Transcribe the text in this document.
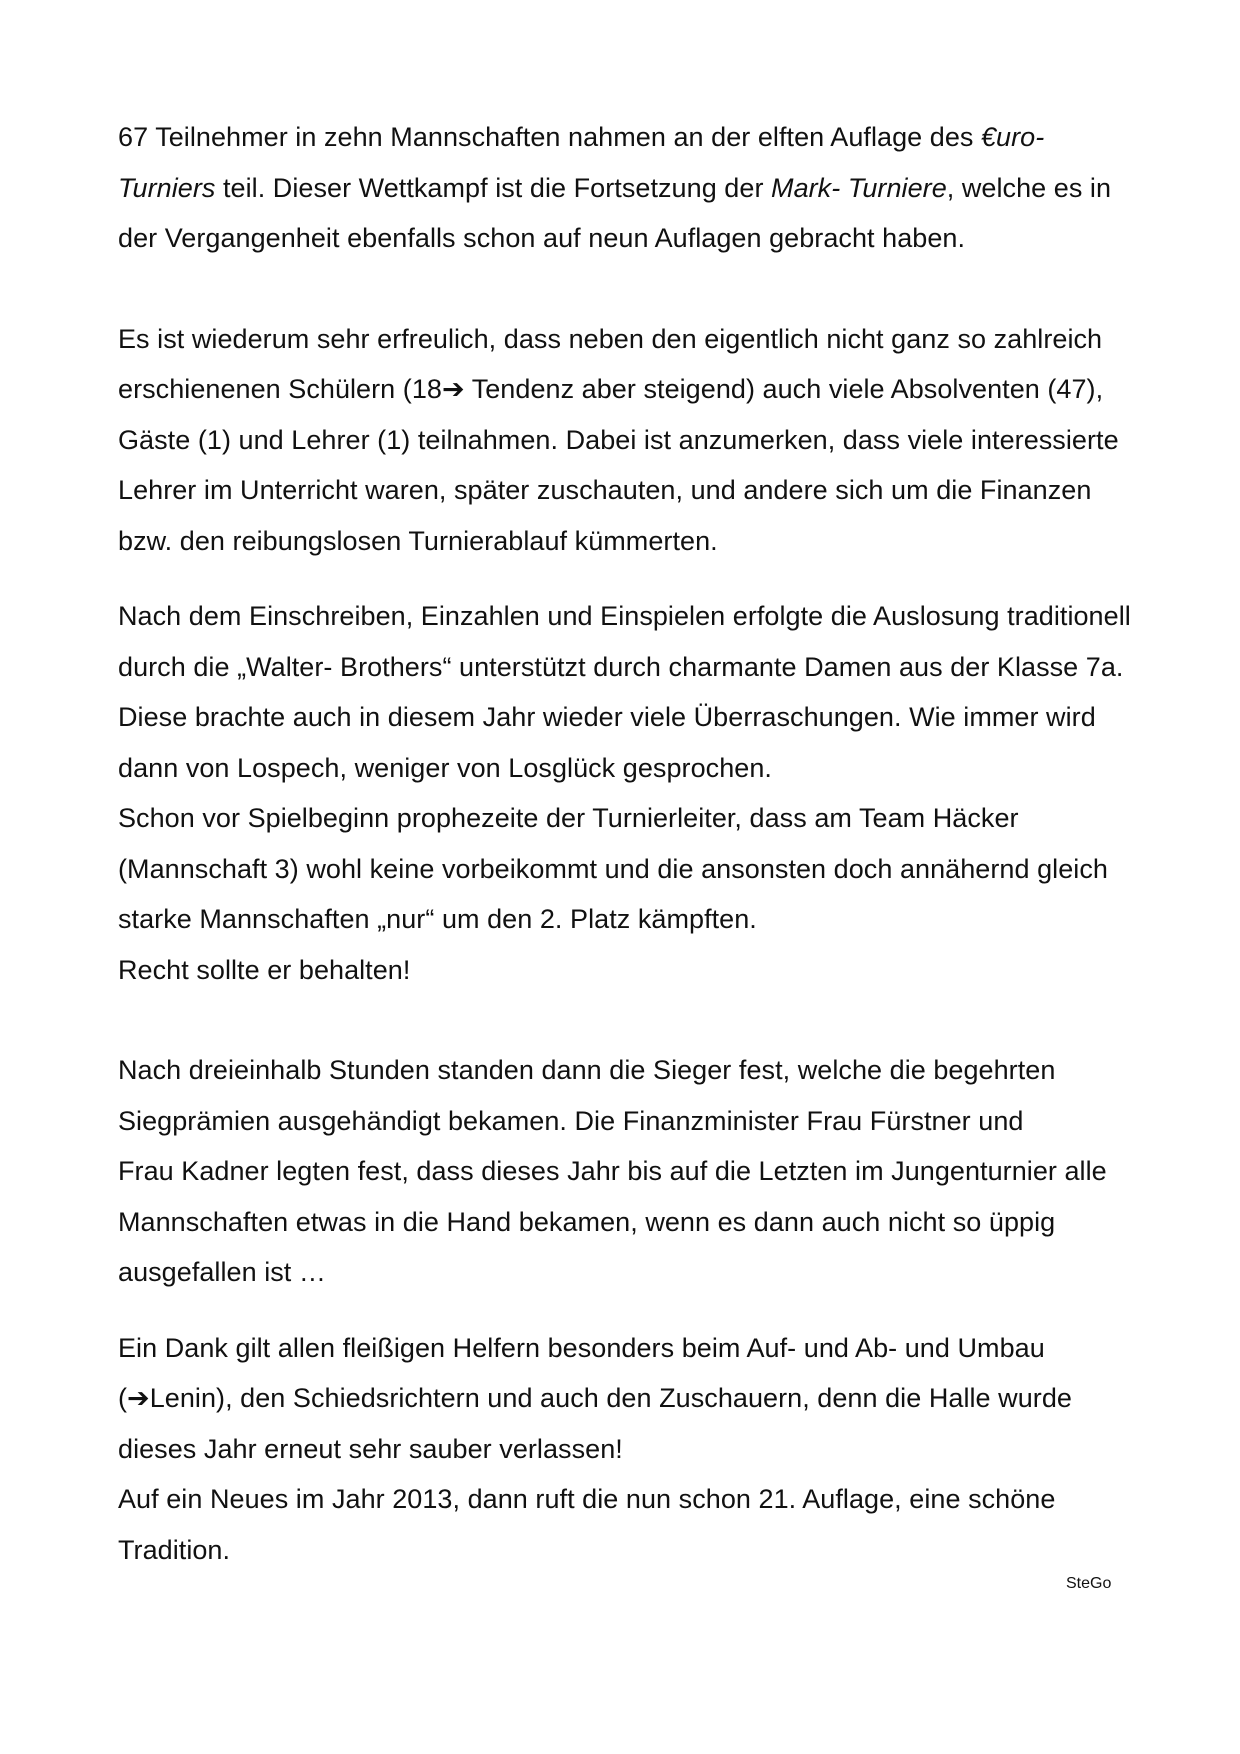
67 Teilnehmer in zehn Mannschaften nahmen an der elften Auflage des €uro-
Turniers teil. Dieser Wettkampf ist die Fortsetzung der Mark- Turniere, welche es in
der Vergangenheit ebenfalls schon auf neun Auflagen gebracht haben.
Es ist wiederum sehr erfreulich, dass neben den eigentlich nicht ganz so zahlreich
erschienenen Schülern (18➔ Tendenz aber steigend) auch viele Absolventen (47),
Gäste (1) und Lehrer (1) teilnahmen. Dabei ist anzumerken, dass viele interessierte
Lehrer im Unterricht waren, später zuschauten, und andere sich um die Finanzen
bzw. den reibungslosen Turnierablauf kümmerten.
Nach dem Einschreiben, Einzahlen und Einspielen erfolgte die Auslosung traditionell
durch die „Walter- Brothers“ unterstützt durch charmante Damen aus der Klasse 7a.
Diese brachte auch in diesem Jahr wieder viele Überraschungen. Wie immer wird
dann von Lospech, weniger von Losglück gesprochen.
Schon vor Spielbeginn prophezeite der Turnierleiter, dass am Team Häcker
(Mannschaft 3) wohl keine vorbeikommt und die ansonsten doch annähernd gleich
starke Mannschaften „nur“ um den 2. Platz kämpften.
Recht sollte er behalten!
Nach dreieinhalb Stunden standen dann die Sieger fest, welche die begehrten
Siegprämien ausgehändigt bekamen. Die Finanzminister Frau Fürstner und
Frau Kadner legten fest, dass dieses Jahr bis auf die Letzten im Jungenturnier alle
Mannschaften etwas in die Hand bekamen, wenn es dann auch nicht so üppig
ausgefallen ist …
Ein Dank gilt allen fleißigen Helfern besonders beim Auf- und Ab- und Umbau
(➔Lenin), den Schiedsrichtern und auch den Zuschauern, denn die Halle wurde
dieses Jahr erneut sehr sauber verlassen!
Auf ein Neues im Jahr 2013, dann ruft die nun schon 21. Auflage, eine schöne
Tradition.
SteGo
